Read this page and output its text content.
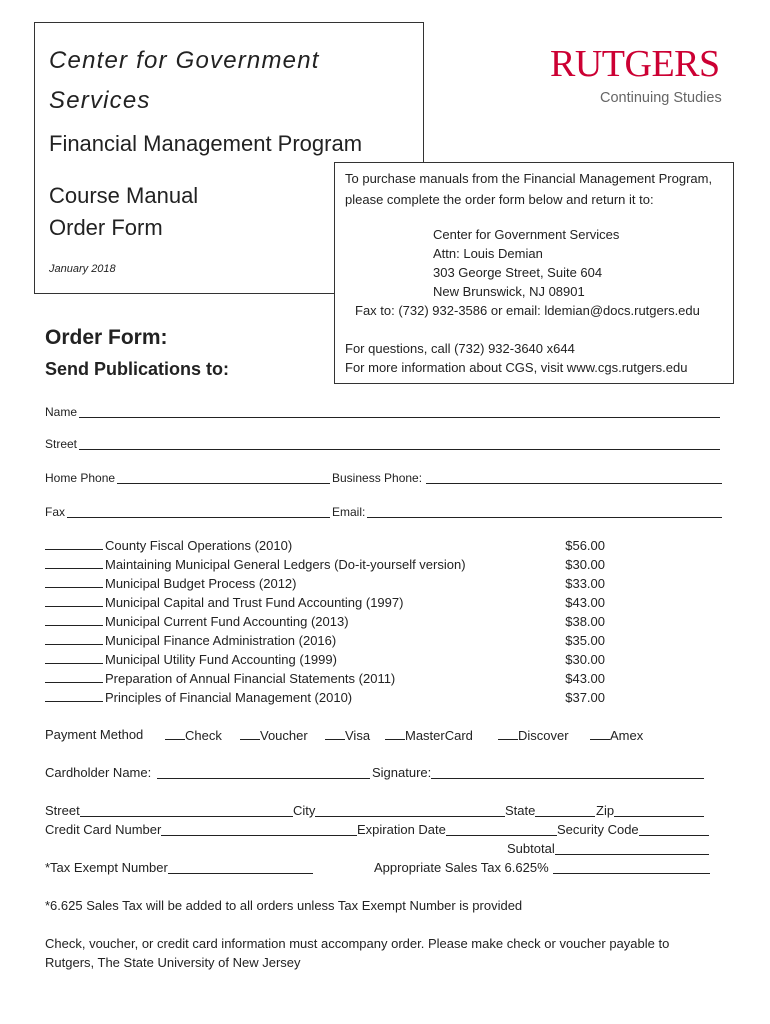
Center for Government
Services
Financial Management Program
Course Manual
Order Form
January 2018
RUTGERS
Continuing Studies
To purchase manuals from the Financial Management Program,
please complete the order form below and return it to:
Center for Government Services
Attn: Louis Demian
303 George Street, Suite 604
New Brunswick, NJ 08901
Fax to: (732) 932-3586 or email: ldemian@docs.rutgers.edu
For questions, call (732) 932-3640 x644
For more information about CGS, visit www.cgs.rutgers.edu
Order Form:
Send Publications to:
Name
Street
Home Phone	Business Phone:
Fax	Email:
County Fiscal Operations (2010)	$56.00
Maintaining Municipal General Ledgers (Do-it-yourself version)	$30.00
Municipal Budget Process (2012)	$33.00
Municipal Capital and Trust Fund Accounting (1997)	$43.00
Municipal Current Fund Accounting (2013)	$38.00
Municipal Finance Administration (2016)	$35.00
Municipal Utility Fund Accounting (1999)	$30.00
Preparation of Annual Financial Statements (2011)	$43.00
Principles of Financial Management (2010)	$37.00
Payment Method	Check	Voucher	Visa	MasterCard	Discover	Amex
Cardholder Name:	Signature:
Street	City	State	Zip
Credit Card Number	Expiration Date	Security Code
Subtotal
*Tax Exempt Number	Appropriate Sales Tax 6.625%
*6.625 Sales Tax will be added to all orders unless Tax Exempt Number is provided
Check, voucher, or credit card information must accompany order. Please make check or voucher payable to
Rutgers, The State University of New Jersey
